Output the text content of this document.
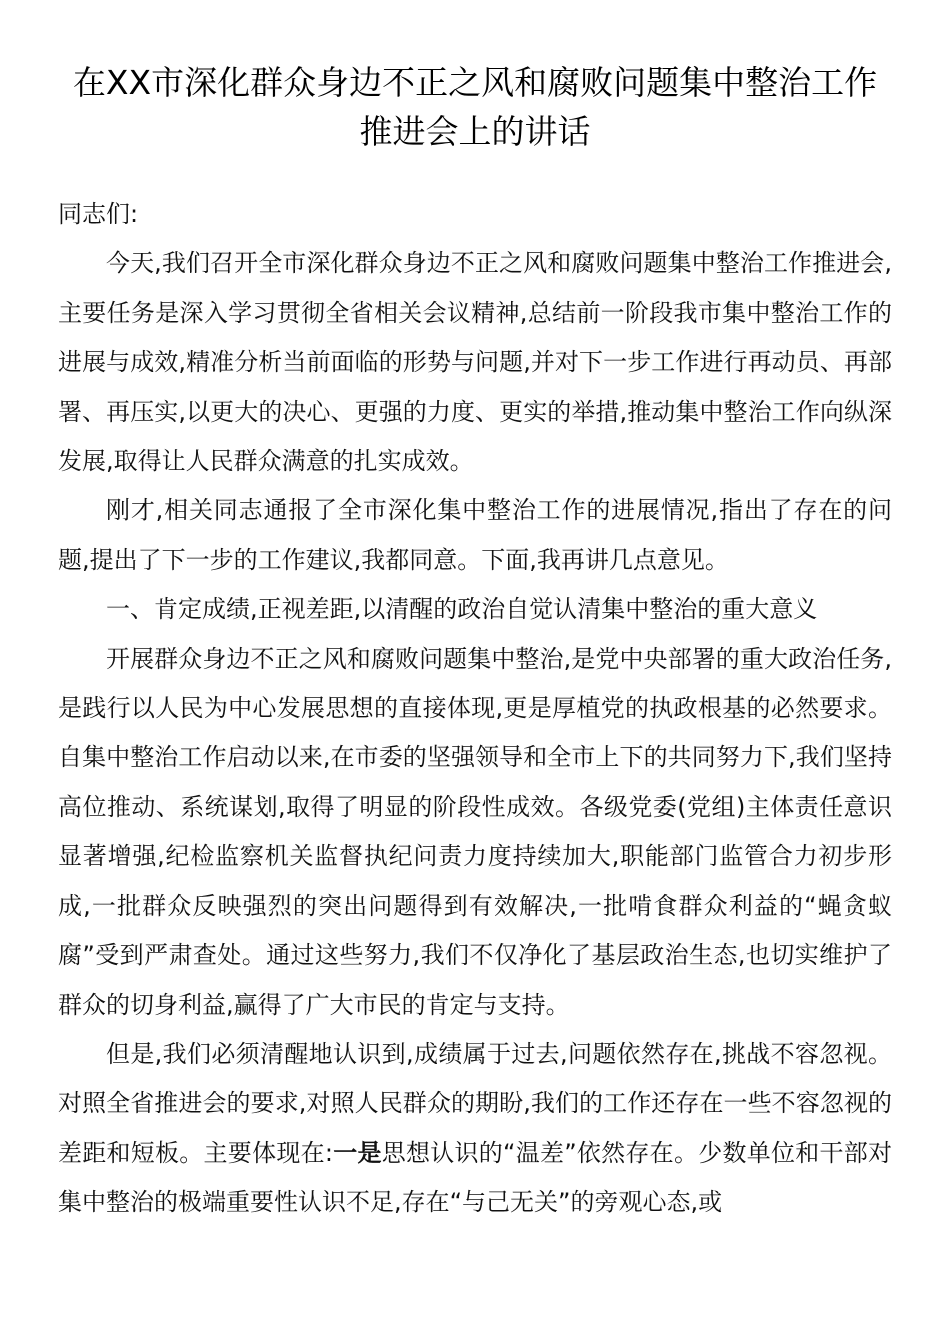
在XX市深化群众身边不正之风和腐败问题集中整治工作推进会上的讲话

同志们:

今天,我们召开全市深化群众身边不正之风和腐败问题集中整治工作推进会,主要任务是深入学习贯彻全省相关会议精神,总结前一阶段我市集中整治工作的进展与成效,精准分析当前面临的形势与问题,并对下一步工作进行再动员、再部署、再压实,以更大的决心、更强的力度、更实的举措,推动集中整治工作向纵深发展,取得让人民群众满意的扎实成效。

刚才,相关同志通报了全市深化集中整治工作的进展情况,指出了存在的问题,提出了下一步的工作建议,我都同意。下面,我再讲几点意见。

一、肯定成绩,正视差距,以清醒的政治自觉认清集中整治的重大意义

开展群众身边不正之风和腐败问题集中整治,是党中央部署的重大政治任务,是践行以人民为中心发展思想的直接体现,更是厚植党的执政根基的必然要求。自集中整治工作启动以来,在市委的坚强领导和全市上下的共同努力下,我们坚持高位推动、系统谋划,取得了明显的阶段性成效。各级党委(党组)主体责任意识显著增强,纪检监察机关监督执纪问责力度持续加大,职能部门监管合力初步形成,一批群众反映强烈的突出问题得到有效解决,一批啃食群众利益的“蝇贪蚁腐”受到严肃查处。通过这些努力,我们不仅净化了基层政治生态,也切实维护了群众的切身利益,赢得了广大市民的肯定与支持。

但是,我们必须清醒地认识到,成绩属于过去,问题依然存在,挑战不容忽视。对照全省推进会的要求,对照人民群众的期盼,我们的工作还存在一些不容忽视的差距和短板。主要体现在:一是思想认识的“温差”依然存在。少数单位和干部对集中整治的极端重要性认识不足,存在“与己无关”的旁观心态,或
